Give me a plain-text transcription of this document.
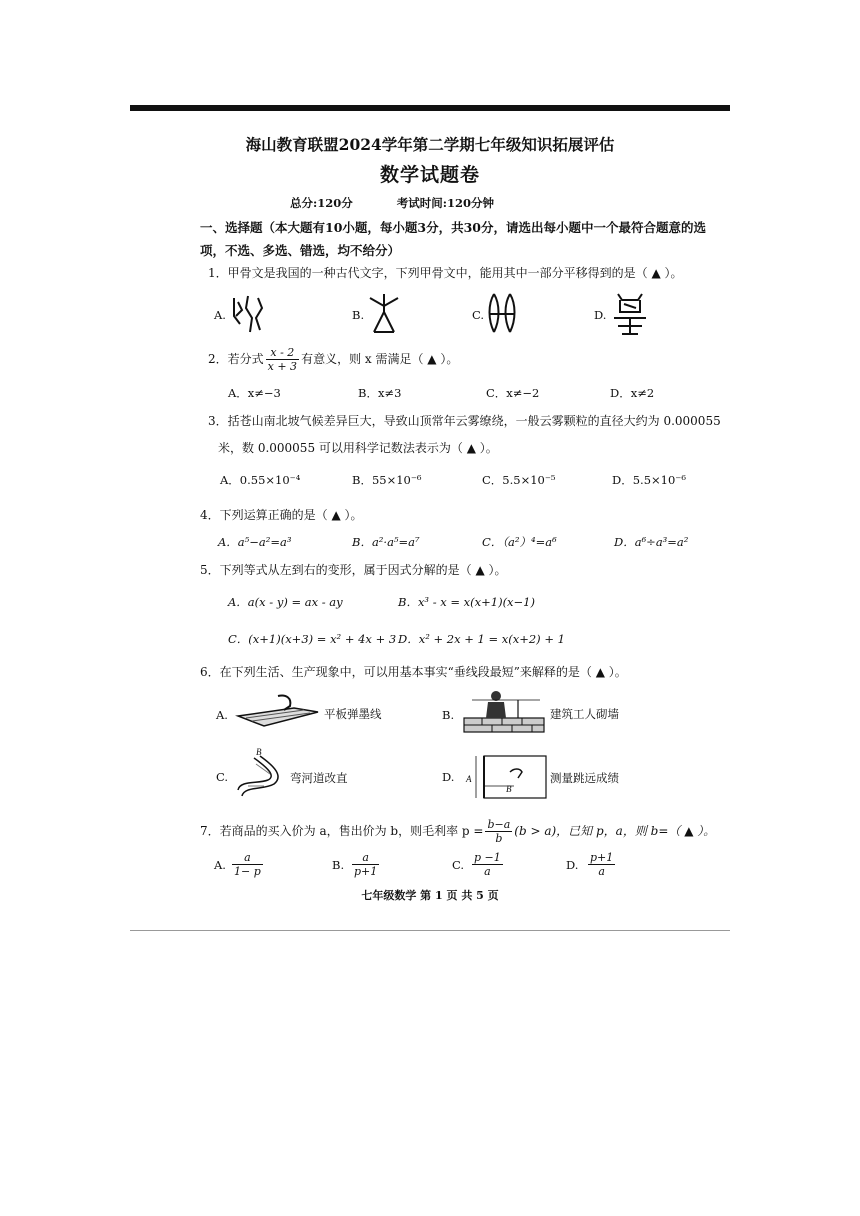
海山教育联盟2024学年第二学期七年级知识拓展评估
数学试题卷
总分:120分	考试时间:120分钟
一、选择题（本大题有10小题，每小题3分，共30分，请选出每小题中一个最符合题意的选项，不选、多选、错选，均不给分）
1．甲骨文是我国的一种古代文字，下列甲骨文中，能用其中一部分平移得到的是（ ▲ ）。
A.	B.	C.	D.
2．若分式 $\frac{x - 2}{x + 3}$ 有意义，则 x 需满足（ ▲ ）。
A．x≠−3	B．x≠3	C．x≠−2	D．x≠2
3．括苍山南北坡气候差异巨大，导致山顶常年云雾缭绕，一般云雾颗粒的直径大约为 0.000055
米，数 0.000055 可以用科学记数法表示为（ ▲ ）。
A．0.55×10⁻⁴	B．55×10⁻⁶	C．5.5×10⁻⁵	D．5.5×10⁻⁶
4．下列运算正确的是（ ▲ ）。
A．a⁵−a²=a³	B．a²·a⁵=a⁷	C．（a²）⁴=a⁶	D．a⁶÷a³=a²
5．下列等式从左到右的变形，属于因式分解的是（ ▲ ）。
A．a(x - y) = ax - ay	B．x³ - x = x(x+1)(x−1)
C．(x+1)(x+3) = x² + 4x + 3 D．x² + 2x + 1 = x(x+2) + 1
6．在下列生活、生产现象中，可以用基本事实“垂线段最短”来解释的是（ ▲ ）。
A.	平板弹墨线	B.	建筑工人砌墙
C.
B
弯河道改直	D. A
B
测量跳远成绩
7．若商品的买入价为 a，售出价为 b，则毛利率 $p = \frac{b-a}{b} (b > a)$，已知 p，a，则 b=（ ▲ ）。
A. $\frac{a}{1- p}$	B. $\frac{a}{p+1}$	C. $\frac{p -1}{a}$	D. $\frac{p+1}{a}$
七年级数学 第 1 页 共 5 页
